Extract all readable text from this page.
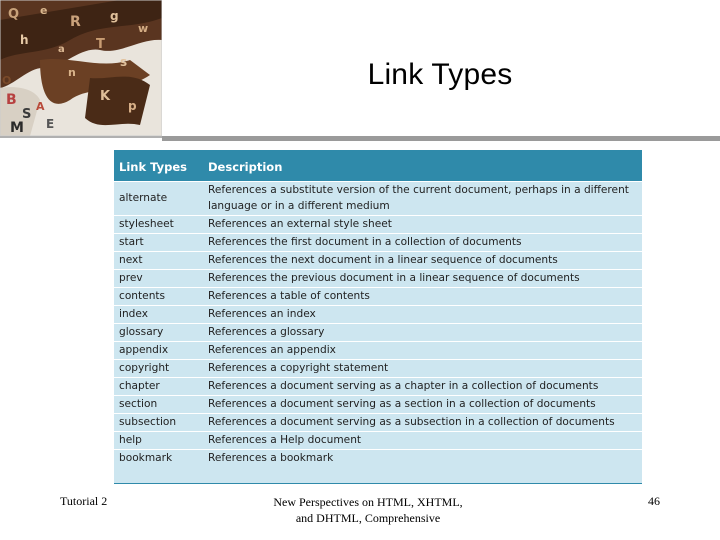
Q e
R g
w
h
a T
s
n
K
p
B
S
M
A
E
O	Link Types
Link Types	Description
alternate	References a substitute version of the current document, perhaps in a different
language or in a different medium

stylesheet	References an external style sheet
start	References the first document in a collection of documents
next	References the next document in a linear sequence of documents
prev	References the previous document in a linear sequence of documents
contents	References a table of contents
index	References an index
glossary	References a glossary
appendix	References an appendix
copyright	References a copyright statement
chapter	References a document serving as a chapter in a collection of documents
section	References a document serving as a section in a collection of documents
subsection	References a document serving as a subsection in a collection of documents
help	References a Help document
bookmark	References a bookmark
Tutorial 2	New Perspectives on HTML, XHTML,
and DHTML, Comprehensive
46
